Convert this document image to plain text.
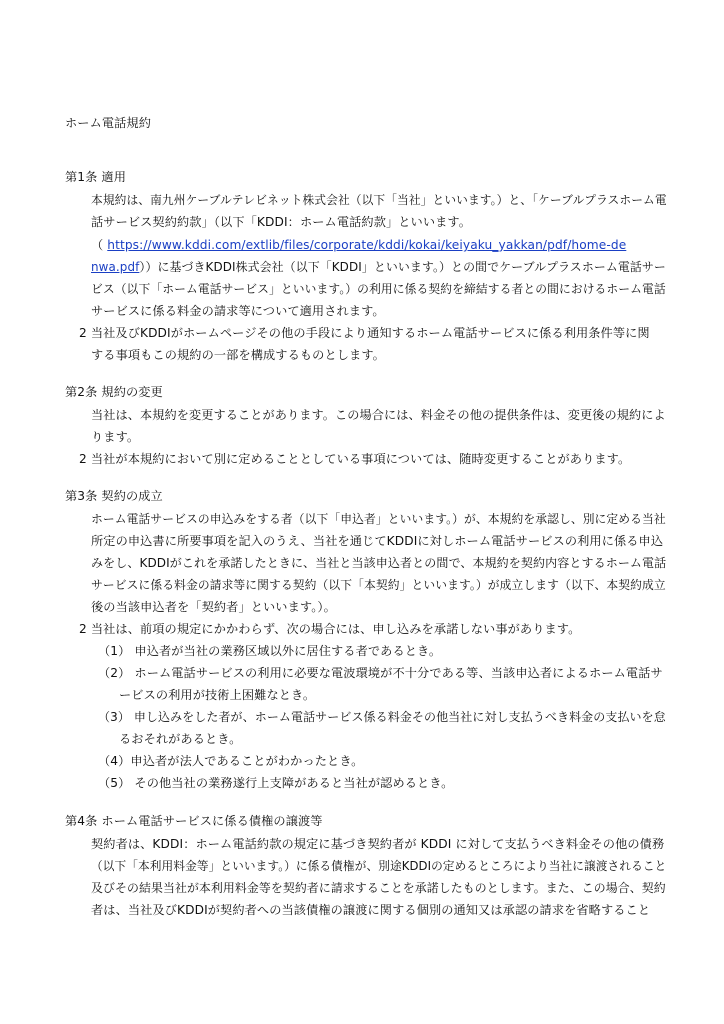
ホーム電話規約
第1条 適用
本規約は、南九州ケーブルテレビネット株式会社（以下「当社」といいます。）と、「ケーブルプラスホーム電
話サービス契約約款」（以下「KDDI：ホーム電話約款」といいます。
（ https://www.kddi.com/extlib/files/corporate/kddi/kokai/keiyaku_yakkan/pdf/home-de
nwa.pdf））に基づきKDDI株式会社（以下「KDDI」といいます。）との間でケーブルプラスホーム電話サー
ビス（以下「ホーム電話サービス」といいます。）の利用に係る契約を締結する者との間におけるホーム電話
サービスに係る料金の請求等について適用されます。
2 当社及びKDDIがホームページその他の手段により通知するホーム電話サービスに係る利用条件等に関
する事項もこの規約の一部を構成するものとします。
第2条 規約の変更
当社は、本規約を変更することがあります。この場合には、料金その他の提供条件は、変更後の規約によ
ります。
2 当社が本規約において別に定めることとしている事項については、随時変更することがあります。
第3条 契約の成立
ホーム電話サービスの申込みをする者（以下「申込者」といいます。）が、本規約を承認し、別に定める当社
所定の申込書に所要事項を記入のうえ、当社を通じてKDDIに対しホーム電話サービスの利用に係る申込
みをし、KDDIがこれを承諾したときに、当社と当該申込者との間で、本規約を契約内容とするホーム電話
サービスに係る料金の請求等に関する契約（以下「本契約」といいます。）が成立します（以下、本契約成立
後の当該申込者を「契約者」といいます。）。
2 当社は、前項の規定にかかわらず、次の場合には、申し込みを承諾しない事があります。
（1） 申込者が当社の業務区域以外に居住する者であるとき。
（2） ホーム電話サービスの利用に必要な電波環境が不十分である等、当該申込者によるホーム電話サ
ービスの利用が技術上困難なとき。
（3） 申し込みをした者が、ホーム電話サービス係る料金その他当社に対し支払うべき料金の支払いを怠
るおそれがあるとき。
（4）申込者が法人であることがわかったとき。
（5） その他当社の業務遂行上支障があると当社が認めるとき。
第4条 ホーム電話サービスに係る債権の譲渡等
契約者は、KDDI：ホーム電話約款の規定に基づき契約者が KDDI に対して支払うべき料金その他の債務
（以下「本利用料金等」といいます。）に係る債権が、別途KDDIの定めるところにより当社に譲渡されること
及びその結果当社が本利用料金等を契約者に請求することを承諾したものとします。また、この場合、契約
者は、当社及びKDDIが契約者への当該債権の譲渡に関する個別の通知又は承認の請求を省略すること
